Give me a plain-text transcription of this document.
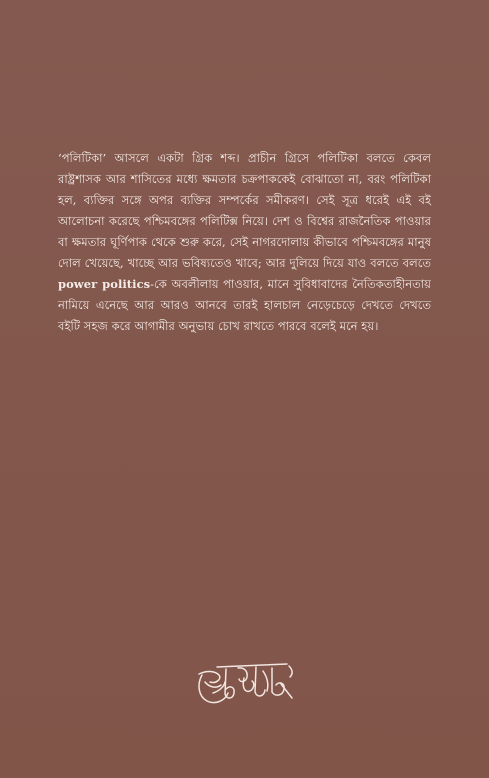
‘পলিটিকা’ আসলে একটা গ্রিক শব্দ। প্রাচীন গ্রিসে পলিটিকা বলতে কেবল রাষ্ট্রশাসক আর শাসিতের মধ্যে ক্ষমতার চক্রপাককেই বোঝাতো না, বরং পলিটিকা হল, ব্যক্তির সঙ্গে অপর ব্যক্তির সম্পর্কের সমীকরণ। সেই সূত্র ধরেই এই বই আলোচনা করেছে পশ্চিমবঙ্গের পলিটিক্স নিয়ে। দেশ ও বিশ্বের রাজনৈতিক পাওয়ার বা ক্ষমতার ঘূর্ণিপাক থেকে শুরু করে, সেই নাগরদোলায় কীভাবে পশ্চিমবঙ্গের মানুষ দোল খেয়েছে, খাচ্ছে আর ভবিষ্যতেও খাবে; আর দুলিয়ে দিয়ে যাও বলতে বলতে power politics-কে অবলীলায় পাওয়ার, মানে সুবিধাবাদের নৈতিকতাহীনতায় নামিয়ে এনেছে আর আরও আনবে তারই হালচাল নেড়েচেড়ে দেখতে দেখতে বইটি সহজ করে আগামীর অনুভায় চোখ রাখতে পারবে বলেই মনে হয়।
